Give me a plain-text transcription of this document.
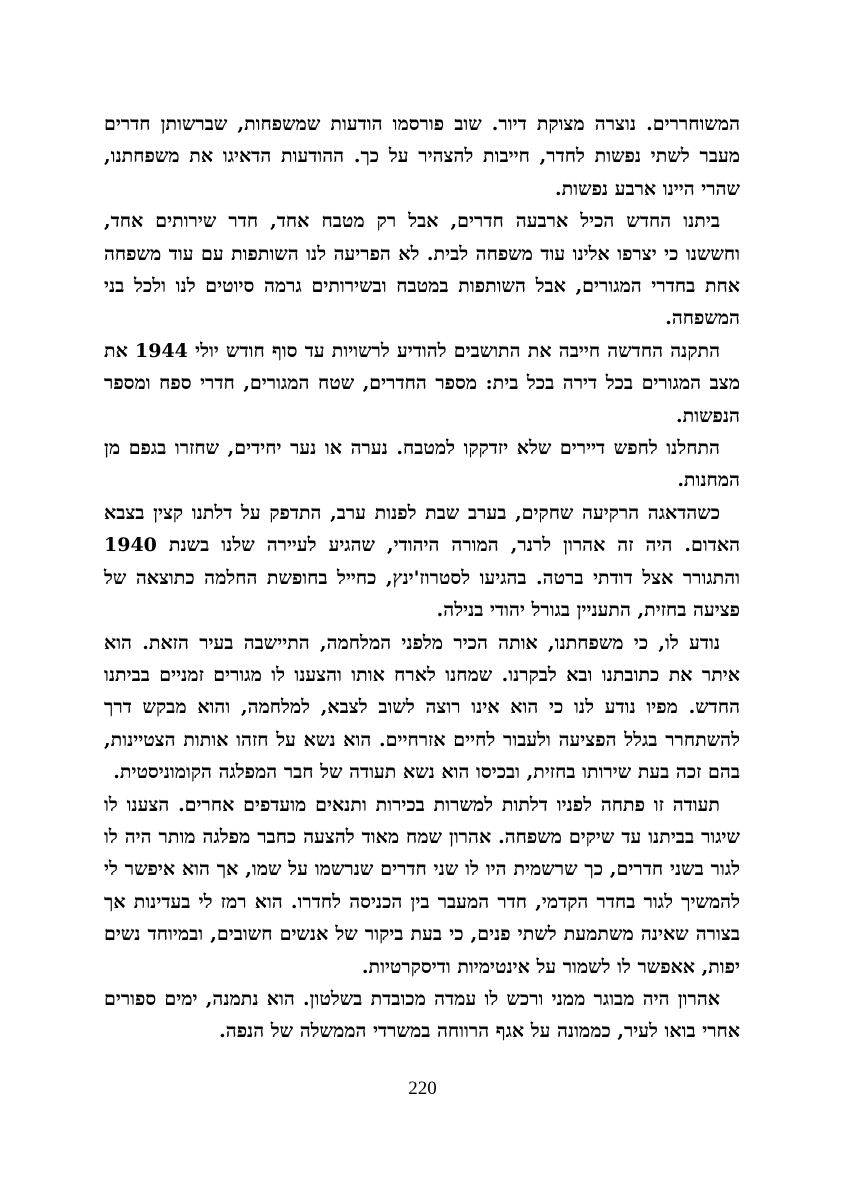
המשוחררים. נוצרה מצוקת דיור. שוב פורסמו הודעות שמשפחות, שברשותן חדרים מעבר לשתי נפשות לחדר, חייבות להצהיר על כך. ההודעות הדאיגו את משפחתנו, שהרי היינו ארבע נפשות.

ביתנו החדש הכיל ארבעה חדרים, אבל רק מטבח אחד, חדר שירותים אחד, וחששנו כי יצרפו אלינו עוד משפחה לבית. לא הפריעה לנו השותפות עם עוד משפחה אחת בחדרי המגורים, אבל השותפות במטבח ובשירותים גרמה סיוטים לנו ולכל בני המשפחה.

התקנה החדשה חייבה את התושבים להודיע לרשויות עד סוף חודש יולי 1944 את מצב המגורים בכל דירה בכל בית: מספר החדרים, שטח המגורים, חדרי ספח ומספר הנפשות.

התחלנו לחפש דיירים שלא יזדקקו למטבח. נערה או נער יחידים, שחזרו בגפם מן המחנות.

כשהדאגה הרקיעה שחקים, בערב שבת לפנות ערב, התדפק על דלתנו קצין בצבא האדום. היה זה אהרון לרנר, המורה היהודי, שהגיע לעיירה שלנו בשנת 1940 והתגורר אצל דודתי ברטה. בהגיעו לסטרוז'ינץ, כחייל בחופשת החלמה כתוצאה של פציעה בחזית, התעניין בגורל יהודי בנילה.

נודע לו, כי משפחתנו, אותה הכיר מלפני המלחמה, התיישבה בעיר הזאת. הוא איתר את כתובתנו ובא לבקרנו. שמחנו לארח אותו והצענו לו מגורים זמניים בביתנו החדש. מפיו נודע לנו כי הוא אינו רוצה לשוב לצבא, למלחמה, והוא מבקש דרך להשתחרר בגלל הפציעה ולעבור לחיים אזרחיים. הוא נשא על חזהו אותות הצטיינות, בהם זכה בעת שירותו בחזית, ובכיסו הוא נשא תעודה של חבר המפלגה הקומוניסטית.

תעודה זו פתחה לפניו דלתות למשרות בכירות ותנאים מועדפים אחרים. הצענו לו שיגור בביתנו עד שיקים משפחה. אהרון שמח מאוד להצעה כחבר מפלגה מותר היה לו לגור בשני חדרים, כך שרשמית היו לו שני חדרים שנרשמו על שמו, אך הוא איפשר לי להמשיך לגור בחדר הקדמי, חדר המעבר בין הכניסה לחדרו. הוא רמז לי בעדינות אך בצורה שאינה משתמעת לשתי פנים, כי בעת ביקור של אנשים חשובים, ובמיוחד נשים יפות, אאפשר לו לשמור על אינטימיות ודיסקרטיות.

אהרון היה מבוגר ממני ורכש לו עמדה מכובדת בשלטון. הוא נתמנה, ימים ספורים אחרי בואו לעיר, כממונה על אגף הרווחה במשרדי הממשלה של הנפה.

220
